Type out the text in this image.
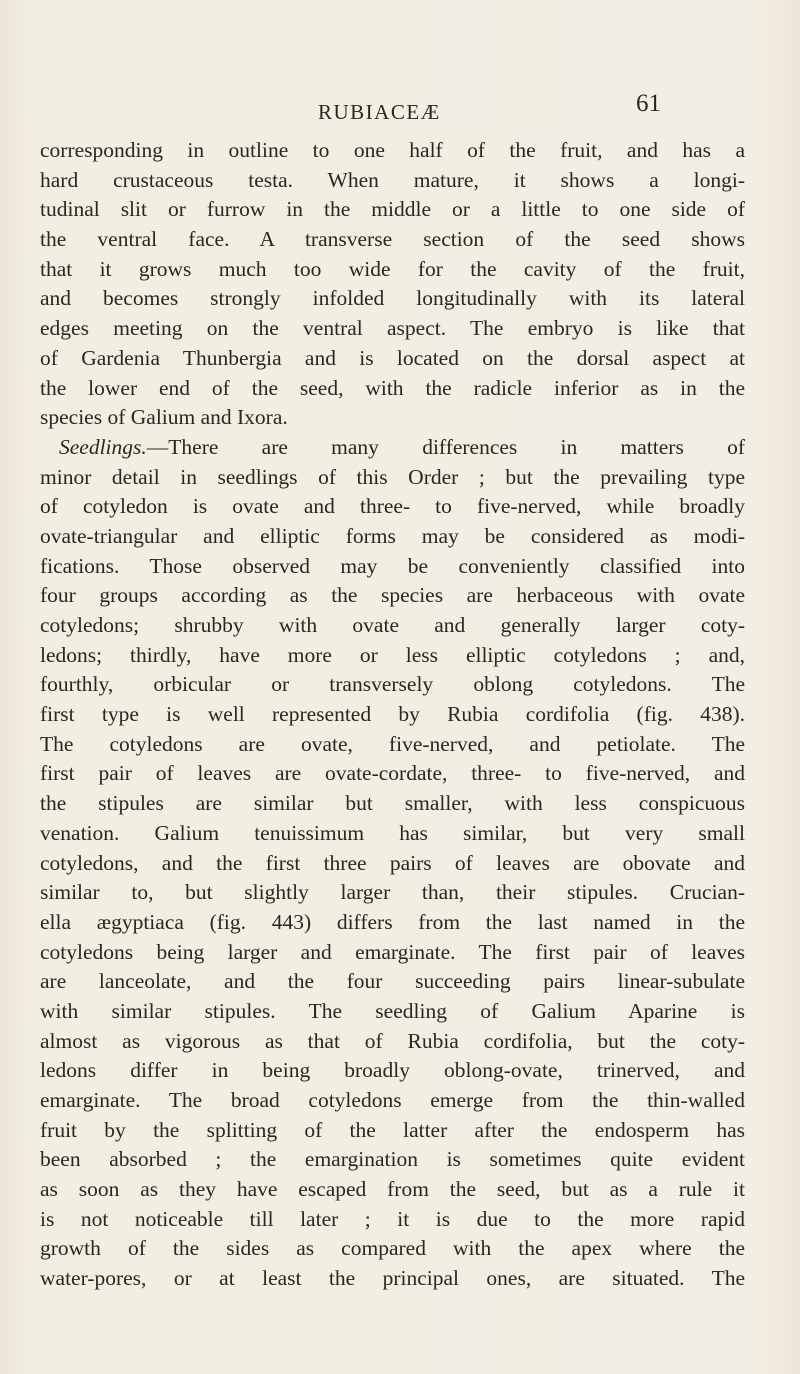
RUBIACEÆ	61
corresponding in outline to one half of the fruit, and has a
hard crustaceous testa. When mature, it shows a longi-
tudinal slit or furrow in the middle or a little to one side of
the ventral face. A transverse section of the seed shows
that it grows much too wide for the cavity of the fruit,
and becomes strongly infolded longitudinally with its lateral
edges meeting on the ventral aspect. The embryo is like that
of Gardenia Thunbergia and is located on the dorsal aspect at
the lower end of the seed, with the radicle inferior as in the
species of Galium and Ixora.
Seedlings.—There are many differences in matters of
minor detail in seedlings of this Order ; but the prevailing type
of cotyledon is ovate and three- to five-nerved, while broadly
ovate-triangular and elliptic forms may be considered as modi-
fications. Those observed may be conveniently classified into
four groups according as the species are herbaceous with ovate
cotyledons; shrubby with ovate and generally larger coty-
ledons; thirdly, have more or less elliptic cotyledons ; and,
fourthly, orbicular or transversely oblong cotyledons. The
first type is well represented by Rubia cordifolia (fig. 438).
The cotyledons are ovate, five-nerved, and petiolate. The
first pair of leaves are ovate-cordate, three- to five-nerved, and
the stipules are similar but smaller, with less conspicuous
venation. Galium tenuissimum has similar, but very small
cotyledons, and the first three pairs of leaves are obovate and
similar to, but slightly larger than, their stipules. Crucian-
ella ægyptiaca (fig. 443) differs from the last named in the
cotyledons being larger and emarginate. The first pair of leaves
are lanceolate, and the four succeeding pairs linear-subulate
with similar stipules. The seedling of Galium Aparine is
almost as vigorous as that of Rubia cordifolia, but the coty-
ledons differ in being broadly oblong-ovate, trinerved, and
emarginate. The broad cotyledons emerge from the thin-walled
fruit by the splitting of the latter after the endosperm has
been absorbed ; the emargination is sometimes quite evident
as soon as they have escaped from the seed, but as a rule it
is not noticeable till later ; it is due to the more rapid
growth of the sides as compared with the apex where the
water-pores, or at least the principal ones, are situated. The
